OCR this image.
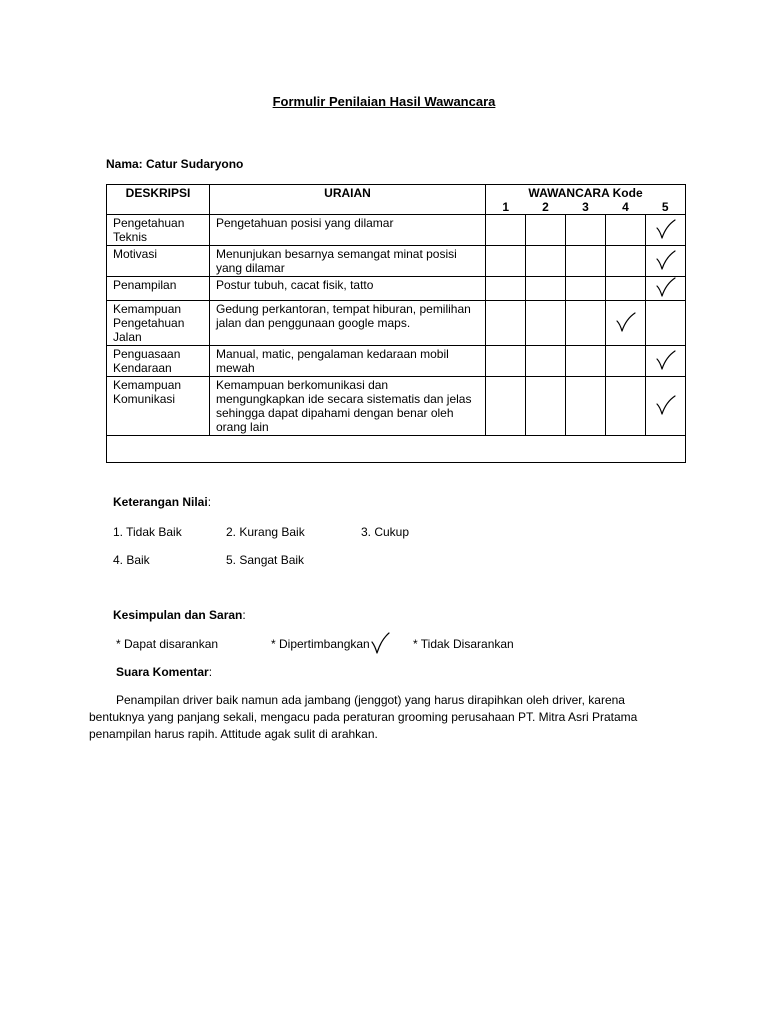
Formulir Penilaian Hasil Wawancara
Nama: Catur Sudaryono
DESKRIPSI	URAIAN	WAWANCARA Kode				
		1	2	3	4	5
Pengetahuan Teknis	Pengetahuan posisi yang dilamar					

Motivasi	Menunjukan besarnya semangat minat posisi yang dilamar					

Penampilan	Postur tubuh, cacat fisik, tatto					

Kemampuan Pengetahuan Jalan	Gedung perkantoran, tempat hiburan, pemilihan jalan dan penggunaan google maps.				

Penguasaan Kendaraan	Manual, matic, pengalaman kedaraan mobil mewah					

Kemampuan Komunikasi	Kemampuan berkomunikasi dan mengungkapkan ide secara sistematis dan jelas sehingga dapat dipahami dengan benar oleh orang lain					

Keterangan Nilai:
1. Tidak Baik	2. Kurang Baik	3. Cukup
4. Baik	5. Sangat Baik
Kesimpulan dan Saran:
* Dapat disarankan	* Dipertimbangkan	* Tidak Disarankan
Suara Komentar:
Penampilan driver baik namun ada jambang (jenggot) yang harus dirapihkan oleh driver, karena
bentuknya yang panjang sekali, mengacu pada peraturan grooming perusahaan PT. Mitra Asri Pratama
penampilan harus rapih. Attitude agak sulit di arahkan.
